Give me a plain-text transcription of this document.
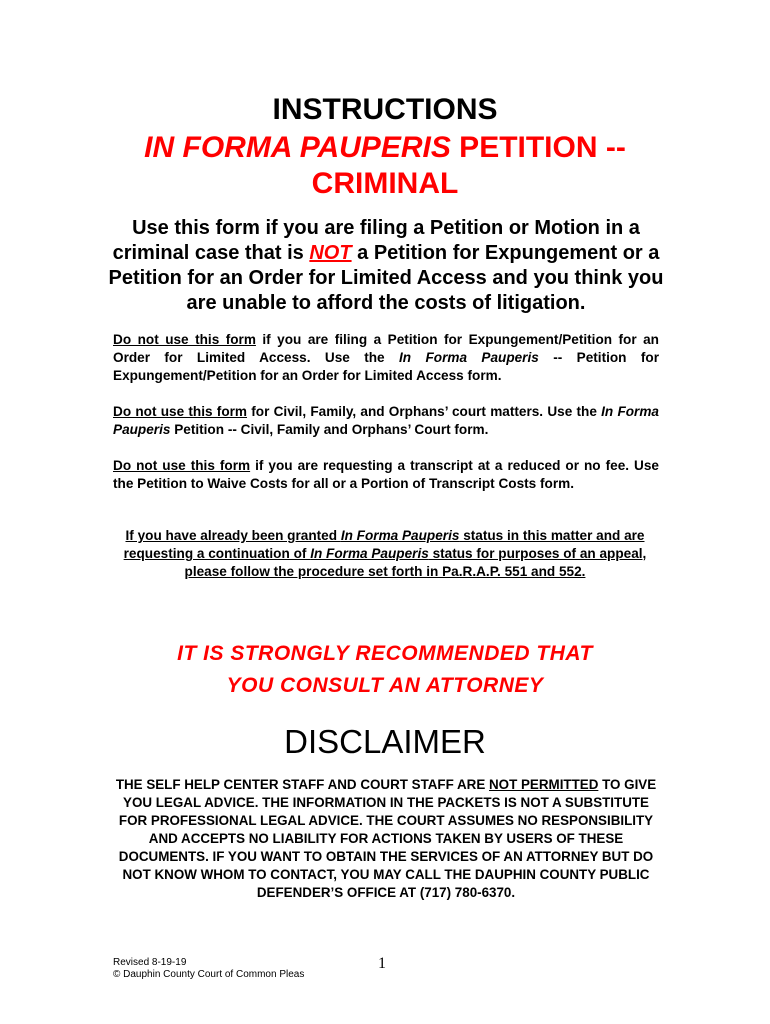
INSTRUCTIONS
IN FORMA PAUPERIS PETITION --
CRIMINAL
Use this form if you are filing a Petition or Motion in a criminal case that is NOT a Petition for Expungement or a Petition for an Order for Limited Access and you think you are unable to afford the costs of litigation.
Do not use this form if you are filing a Petition for Expungement/Petition for an Order for Limited Access. Use the In Forma Pauperis -- Petition for Expungement/Petition for an Order for Limited Access form.
Do not use this form for Civil, Family, and Orphans’ court matters. Use the In Forma Pauperis Petition -- Civil, Family and Orphans’ Court form.
Do not use this form if you are requesting a transcript at a reduced or no fee. Use the Petition to Waive Costs for all or a Portion of Transcript Costs form.
If you have already been granted In Forma Pauperis status in this matter and are requesting a continuation of In Forma Pauperis status for purposes of an appeal, please follow the procedure set forth in Pa.R.A.P. 551 and 552.
IT IS STRONGLY RECOMMENDED THAT
YOU CONSULT AN ATTORNEY
DISCLAIMER
THE SELF HELP CENTER STAFF AND COURT STAFF ARE NOT PERMITTED TO GIVE YOU LEGAL ADVICE. THE INFORMATION IN THE PACKETS IS NOT A SUBSTITUTE FOR PROFESSIONAL LEGAL ADVICE. THE COURT ASSUMES NO RESPONSIBILITY AND ACCEPTS NO LIABILITY FOR ACTIONS TAKEN BY USERS OF THESE DOCUMENTS. IF YOU WANT TO OBTAIN THE SERVICES OF AN ATTORNEY BUT DO NOT KNOW WHOM TO CONTACT, YOU MAY CALL THE DAUPHIN COUNTY PUBLIC DEFENDER’S OFFICE AT (717) 780-6370.
Revised 8-19-19
© Dauphin County Court of Common Pleas
1
